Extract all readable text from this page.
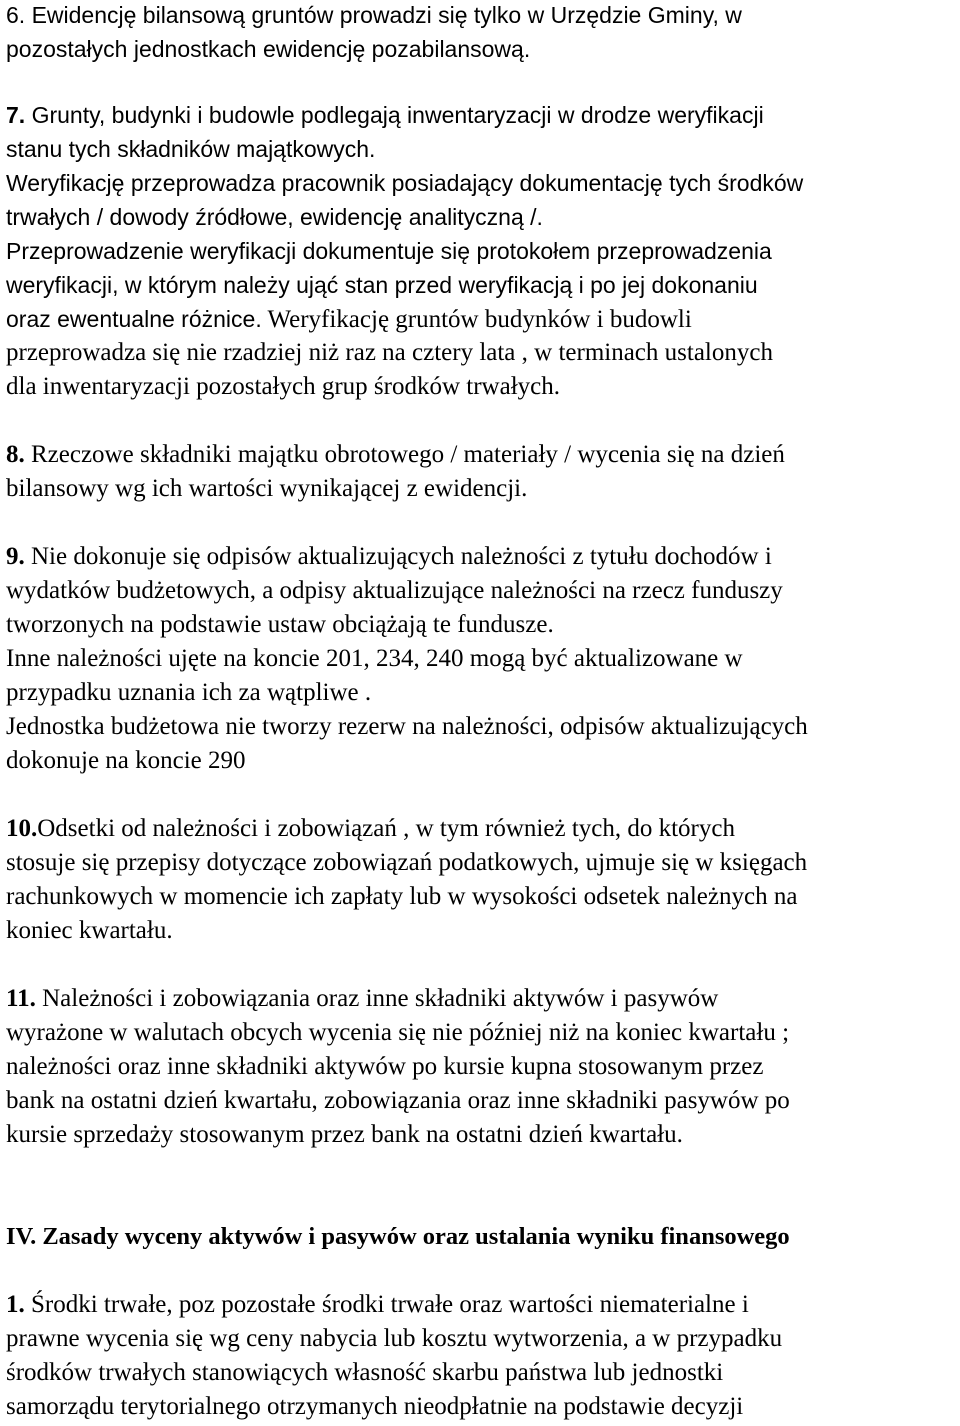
6. Ewidencję bilansową gruntów prowadzi się tylko w Urzędzie Gminy, w
pozostałych jednostkach ewidencję pozabilansową.
7. Grunty, budynki i budowle podlegają inwentaryzacji w drodze weryfikacji
stanu tych składników majątkowych.
Weryfikację przeprowadza pracownik posiadający dokumentację tych środków
trwałych / dowody źródłowe, ewidencję analityczną /.
Przeprowadzenie weryfikacji dokumentuje się protokołem przeprowadzenia
weryfikacji, w którym należy ująć stan przed weryfikacją i po jej dokonaniu
oraz ewentualne różnice. Weryfikację gruntów budynków i budowli
przeprowadza się nie rzadziej niż raz na cztery lata , w terminach ustalonych
dla inwentaryzacji pozostałych grup środków trwałych.
8. Rzeczowe składniki majątku obrotowego / materiały / wycenia się na dzień
bilansowy wg ich wartości wynikającej z ewidencji.
9. Nie dokonuje się odpisów aktualizujących należności z tytułu dochodów i
wydatków budżetowych, a odpisy aktualizujące należności na rzecz funduszy
tworzonych na podstawie ustaw obciążają te fundusze.
Inne należności ujęte na koncie 201, 234, 240 mogą być aktualizowane w
przypadku uznania ich za wątpliwe .
Jednostka budżetowa nie tworzy rezerw na należności, odpisów aktualizujących
dokonuje na koncie 290
10.Odsetki od należności i zobowiązań , w tym również tych, do których
stosuje się przepisy dotyczące zobowiązań podatkowych, ujmuje się w księgach
rachunkowych w momencie ich zapłaty lub w wysokości odsetek należnych na
koniec kwartału.
11. Należności i zobowiązania oraz inne składniki aktywów i pasywów
wyrażone w walutach obcych wycenia się nie później niż na koniec kwartału ;
należności oraz inne składniki aktywów po kursie kupna stosowanym przez
bank na ostatni dzień kwartału, zobowiązania oraz inne składniki pasywów po
kursie sprzedaży stosowanym przez bank na ostatni dzień kwartału.
IV. Zasady wyceny aktywów i pasywów oraz ustalania wyniku finansowego
1. Środki trwałe, poz pozostałe środki trwałe oraz wartości niematerialne i
prawne wycenia się wg ceny nabycia lub kosztu wytworzenia, a w przypadku
środków trwałych stanowiących własność skarbu państwa lub jednostki
samorządu terytorialnego otrzymanych nieodpłatnie na podstawie decyzji
